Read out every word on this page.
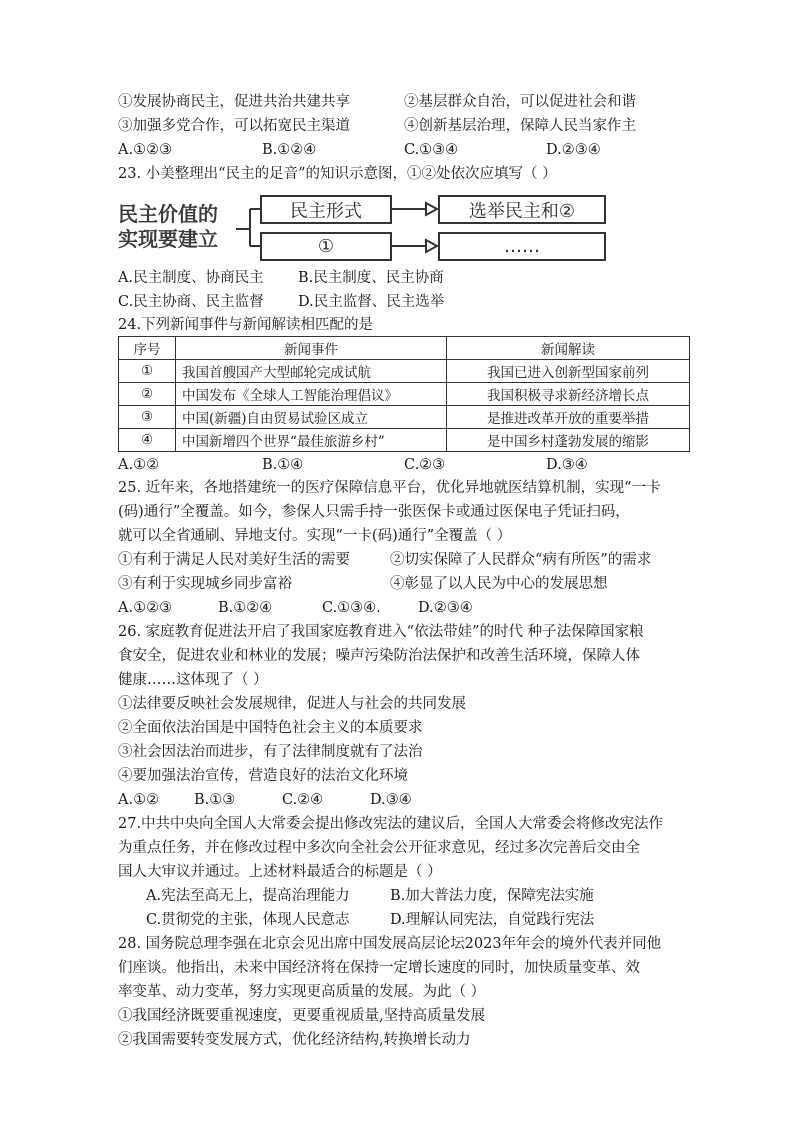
①发展协商民主，促进共治共建共享	②基层群众自治，可以促进社会和谐
③加强多党合作，可以拓宽民主渠道	④创新基层治理，保障人民当家作主
A.①②③	B.①②④	C.①③④	D.②③④
23. 小美整理出“民主的足音”的知识示意图，①②处依次应填写（ ）
民主价值的
实现要建立
民主形式	选举民主和②
①	……
A.民主制度、协商民主 B.民主制度、民主协商
C.民主协商、民主监督 D.民主监督、民主选举
24.下列新闻事件与新闻解读相匹配的是
序号	新闻事件	新闻解读
①	我国首艘国产大型邮轮完成试航	我国已进入创新型国家前列
②	中国发布《全球人工智能治理倡议》	我国积极寻求新经济增长点
③	中国(新疆)自由贸易试验区成立	是推进改革开放的重要举措
④	中国新增四个世界“最佳旅游乡村”	是中国乡村蓬勃发展的缩影
A.①②	B.①④	C.②③	D.③④
25. 近年来，各地搭建统一的医疗保障信息平台，优化异地就医结算机制，实现“一卡
(码)通行”全覆盖。如今，参保人只需手持一张医保卡或通过医保电子凭证扫码，
就可以全省通刷、异地支付。实现“一卡(码)通行”全覆盖（ ）
①有利于满足人民对美好生活的需要	②切实保障了人民群众“病有所医”的需求
③有利于实现城乡同步富裕	④彰显了以人民为中心的发展思想
A.①②③	B.①②④	C.①③④.	D.②③④
26. 家庭教育促进法开启了我国家庭教育进入“依法带娃”的时代 种子法保障国家粮
食安全，促进农业和林业的发展；噪声污染防治法保护和改善生活环境，保障人体
健康……这体现了（ ）
①法律要反映社会发展规律，促进人与社会的共同发展
②全面依法治国是中国特色社会主义的本质要求
③社会因法治而进步，有了法律制度就有了法治
④要加强法治宣传，营造良好的法治文化环境
A.①② B.①③	C.②④	D.③④
27.中共中央向全国人大常委会提出修改宪法的建议后，全国人大常委会将修改宪法作
为重点任务，并在修改过程中多次向全社会公开征求意见，经过多次完善后交由全
国人大审议并通过。上述材料最适合的标题是（ ）
A.宪法至高无上，提高治理能力	B.加大普法力度，保障宪法实施
C.贯彻党的主张，体现人民意志	D.理解认同宪法，自觉践行宪法
28. 国务院总理李强在北京会见出席中国发展高层论坛2023年年会的境外代表并同他
们座谈。他指出，未来中国经济将在保持一定增长速度的同时，加快质量变革、效
率变革、动力变革，努力实现更高质量的发展。为此（ ）
①我国经济既要重视速度，更要重视质量,坚持高质量发展
②我国需要转变发展方式，优化经济结构,转换增长动力
